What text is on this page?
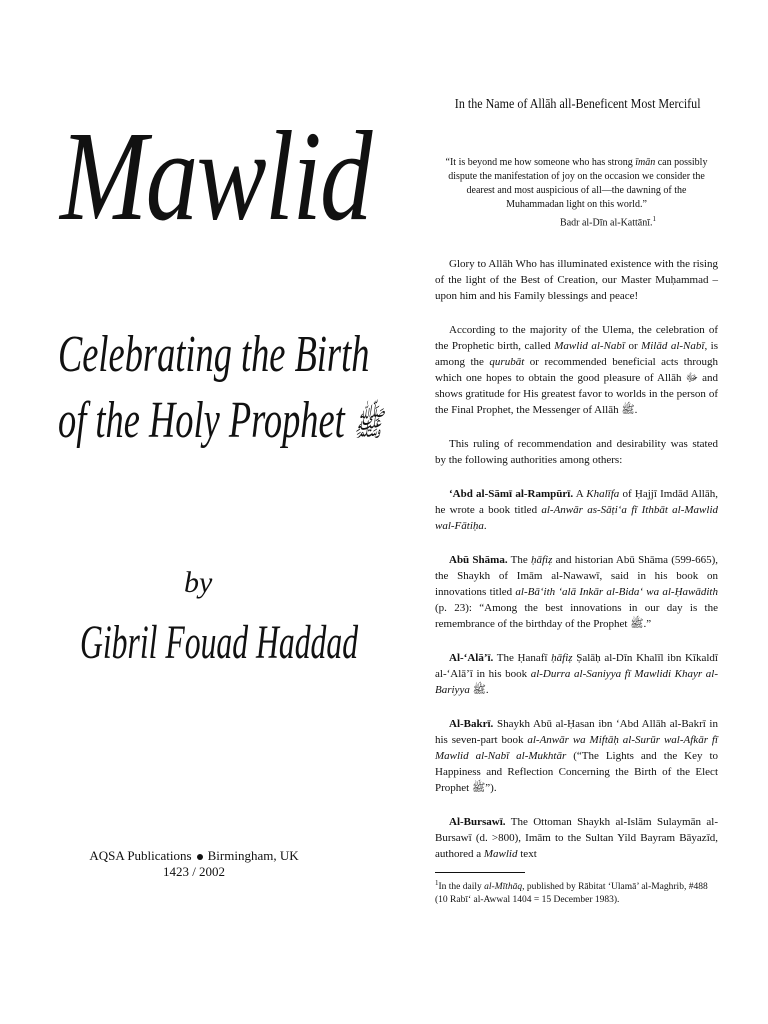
Mawlid
Celebrating the Birth
of the Holy Prophet ﷺ
by
Gibril Fouad Haddad
AQSA Publications Birmingham, UK
1423 / 2002
In the Name of Allāh all-Beneficent Most Merciful
“It is beyond me how someone who has strong īmān can possibly dispute the manifestation of joy on the occasion we consider the dearest and most auspicious of all—the dawning of the Muhammadan light on this world.”
Badr al-Dīn al-Kattānī.$^1$

Glory to Allāh Who has illuminated existence with the rising of the light of the Best of Creation, our Master Muḥammad – upon him and his Family blessings and peace!

According to the majority of the Ulema, the celebration of the Prophetic birth, called Mawlid al-Nabī or Milād al-Nabī, is among the qurubāt or recommended beneficial acts through which one hopes to obtain the good pleasure of Allāh ﷻ and shows gratitude for His greatest favor to worlds in the person of the Final Prophet, the Messenger of Allāh ﷺ.

This ruling of recommendation and desirability was stated by the following authorities among others:

‘Abd al-Sāmī al-Rampūrī. A Khalīfa of Ḥajjī Imdād Allāh, he wrote a book titled al-Anwār as-Sāṭi‘a fī Ithbāt al-Mawlid wal-Fātiḥa.

Abū Shāma. The ḥāfiẓ and historian Abū Shāma (599-665), the Shaykh of Imām al-Nawawī, said in his book on innovations titled al-Bā‘ith ‘alā Inkār al-Bida‘ wa al-Ḥawādith (p. 23): “Among the best innovations in our day is the remembrance of the birthday of the Prophet ﷺ.”

Al-‘Alā’ī. The Ḥanafī ḥāfiẓ Ṣalāḥ al-Dīn Khalīl ibn Kīkaldī al-‘Alā’ī in his book al-Durra al-Saniyya fī Mawlidi Khayr al-Bariyya ﷺ.

Al-Bakrī. Shaykh Abū al-Ḥasan ibn ‘Abd Allāh al-Bakrī in his seven-part book al-Anwār wa Miftāḥ al-Surūr wal-Afkār fī Mawlid al-Nabī al-Mukhtār (“The Lights and the Key to Happiness and Reflection Concerning the Birth of the Elect Prophet ﷺ”).

Al-Bursawī. The Ottoman Shaykh al-Islām Sulaymān al-Bursawī (d. >800), Imām to the Sultan Yild Bayram Bāyazīd, authored a Mawlid text

$^1$In the daily al-Mīthāq, published by Rābitat ‘Ulamā’ al-Maghrib, #488 (10 Rabī‘ al-Awwal 1404 = 15 December 1983).
